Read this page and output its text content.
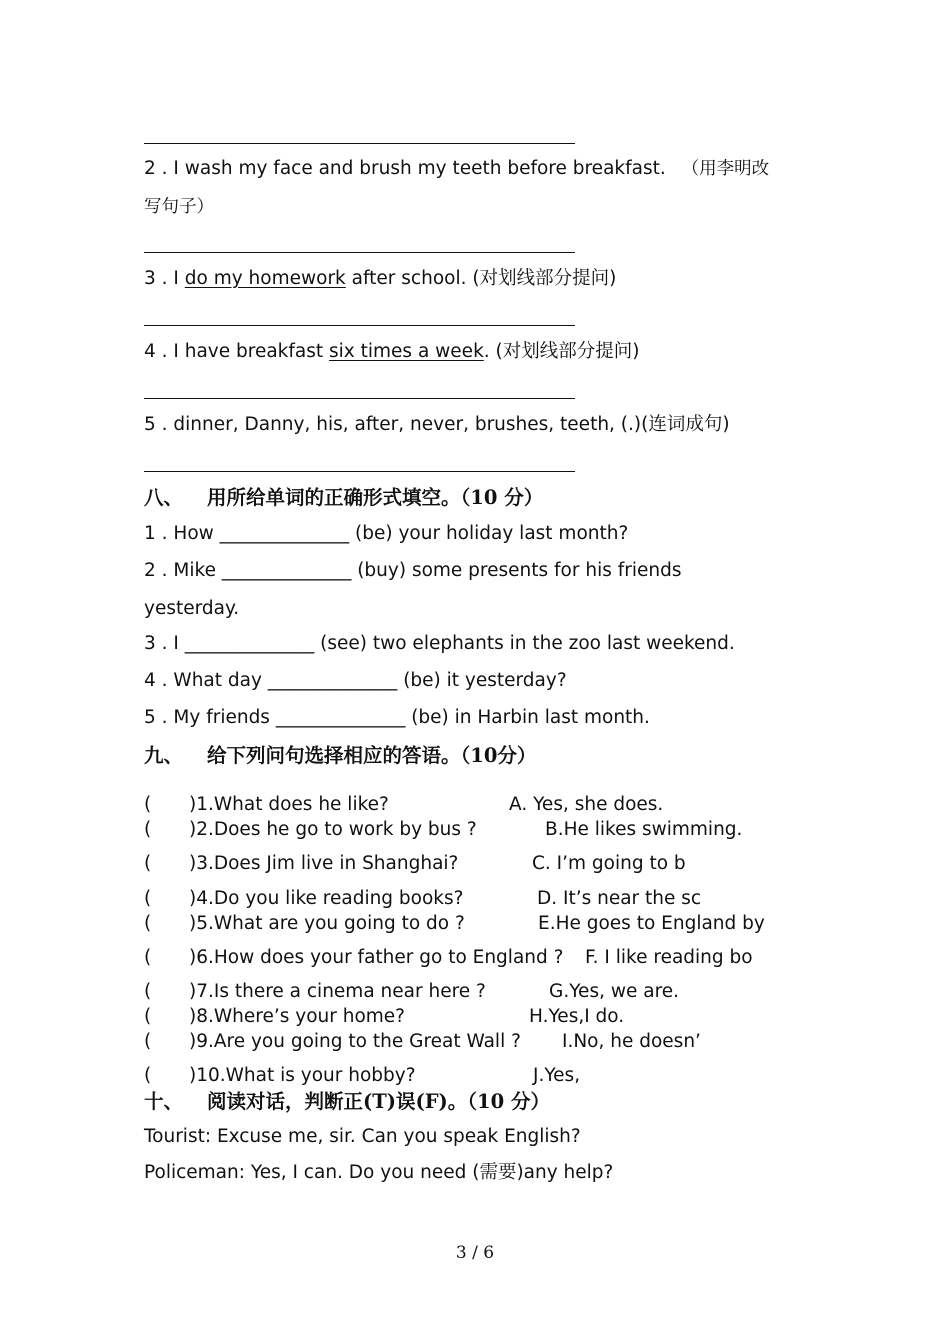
2 . I wash my face and brush my teeth before breakfast. （用李明改
写句子）
3 . I do my homework after school. (对划线部分提问)
4 . I have breakfast six times a week. (对划线部分提问)
5 . dinner, Danny, his, after, never, brushes, teeth, (.)(连词成句)
八、 用所给单词的正确形式填空。（10 分）
1 . How ______________ (be) your holiday last month?
2 . Mike ______________ (buy) some presents for his friends
yesterday.
3 . I ______________ (see) two elephants in the zoo last weekend.
4 . What day ______________ (be) it yesterday?
5 . My friends ______________ (be) in Harbin last month.
九、 给下列问句选择相应的答语。（10分）
( )1.What does he like?	A. Yes, she does.
( )2.Does he go to work by bus ?	B.He likes swimming.
( )3.Does Jim live in Shanghai?	C. I’m going to b
( )4.Do you like reading books?	D. It’s near the sc
( )5.What are you going to do ?	E.He goes to England by
( )6.How does your father go to England ? F. I like reading bo
( )7.Is there a cinema near here ?	G.Yes, we are.
( )8.Where’s your home?	H.Yes,I do.
( )9.Are you going to the Great Wall ? I.No, he doesn’
( )10.What is your hobby?	J.Yes,
十、 阅读对话，判断正(T)误(F)。（10 分）
Tourist: Excuse me, sir. Can you speak English?
Policeman: Yes, I can. Do you need (需要)any help?
3 / 6
